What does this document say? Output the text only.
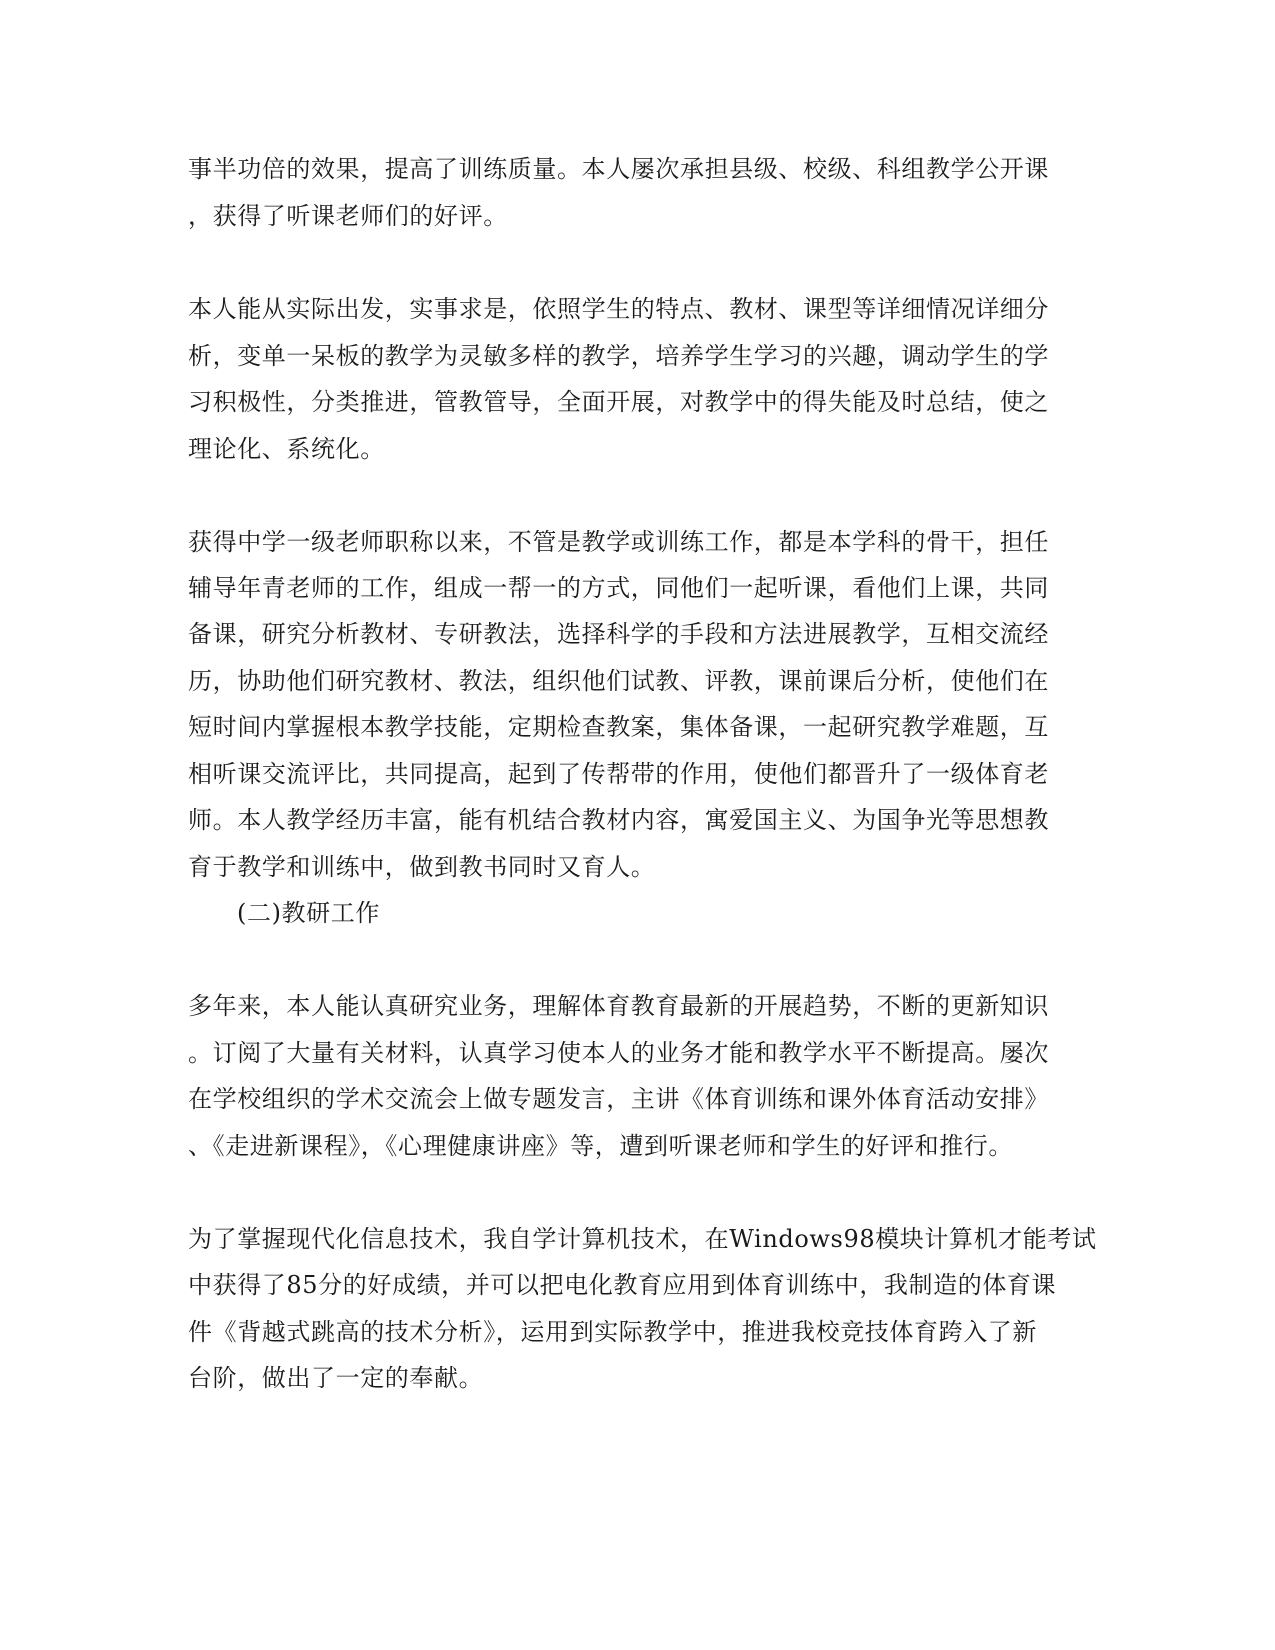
事半功倍的效果，提高了训练质量。本人屡次承担县级、校级、科组教学公开课
，获得了听课老师们的好评。
本人能从实际出发，实事求是，依照学生的特点、教材、课型等详细情况详细分
析，变单一呆板的教学为灵敏多样的教学，培养学生学习的兴趣，调动学生的学
习积极性，分类推进，管教管导，全面开展，对教学中的得失能及时总结，使之
理论化、系统化。
获得中学一级老师职称以来，不管是教学或训练工作，都是本学科的骨干，担任
辅导年青老师的工作，组成一帮一的方式，同他们一起听课，看他们上课，共同
备课，研究分析教材、专研教法，选择科学的手段和方法进展教学，互相交流经
历，协助他们研究教材、教法，组织他们试教、评教，课前课后分析，使他们在
短时间内掌握根本教学技能，定期检查教案，集体备课，一起研究教学难题，互
相听课交流评比，共同提高，起到了传帮带的作用，使他们都晋升了一级体育老
师。本人教学经历丰富，能有机结合教材内容，寓爱国主义、为国争光等思想教
育于教学和训练中，做到教书同时又育人。
(二)教研工作
多年来，本人能认真研究业务，理解体育教育最新的开展趋势，不断的更新知识
。订阅了大量有关材料，认真学习使本人的业务才能和教学水平不断提高。屡次
在学校组织的学术交流会上做专题发言，主讲《体育训练和课外体育活动安排》
、《走进新课程》，《心理健康讲座》等，遭到听课老师和学生的好评和推行。
为了掌握现代化信息技术，我自学计算机技术，在Windows98模块计算机才能考试
中获得了85分的好成绩，并可以把电化教育应用到体育训练中，我制造的体育课
件《背越式跳高的技术分析》，运用到实际教学中，推进我校竞技体育跨入了新
台阶，做出了一定的奉献。
